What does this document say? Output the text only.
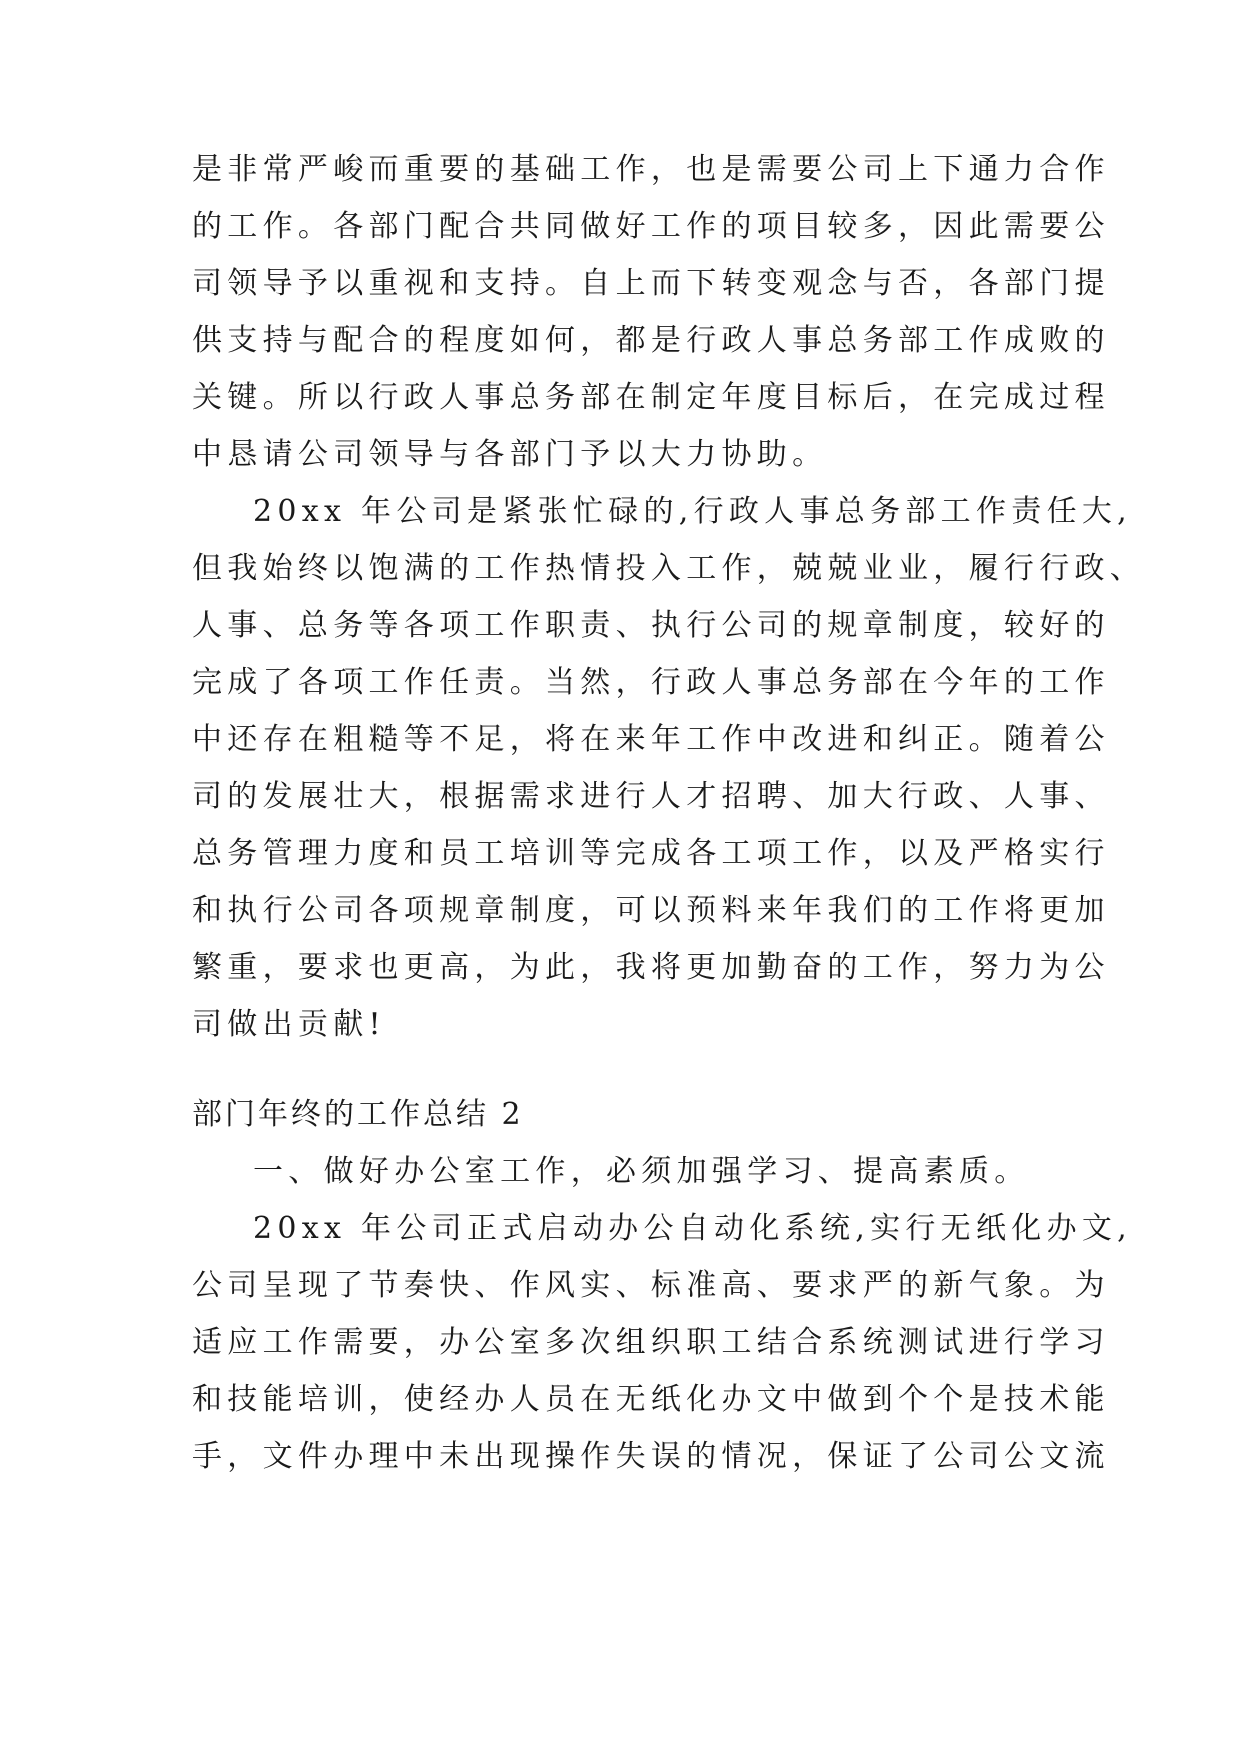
是非常严峻而重要的基础工作，也是需要公司上下通力合作
的工作。各部门配合共同做好工作的项目较多，因此需要公
司领导予以重视和支持。自上而下转变观念与否，各部门提
供支持与配合的程度如何，都是行政人事总务部工作成败的
关键。所以行政人事总务部在制定年度目标后，在完成过程
中恳请公司领导与各部门予以大力协助。
20xx 年公司是紧张忙碌的,行政人事总务部工作责任大,
但我始终以饱满的工作热情投入工作，兢兢业业，履行行政、
人事、总务等各项工作职责、执行公司的规章制度，较好的
完成了各项工作任责。当然，行政人事总务部在今年的工作
中还存在粗糙等不足，将在来年工作中改进和纠正。随着公
司的发展壮大，根据需求进行人才招聘、加大行政、人事、
总务管理力度和员工培训等完成各工项工作，以及严格实行
和执行公司各项规章制度，可以预料来年我们的工作将更加
繁重，要求也更高，为此，我将更加勤奋的工作，努力为公
司做出贡献!
部门年终的工作总结 2
一、做好办公室工作，必须加强学习、提高素质。
20xx 年公司正式启动办公自动化系统,实行无纸化办文,
公司呈现了节奏快、作风实、标准高、要求严的新气象。为
适应工作需要，办公室多次组织职工结合系统测试进行学习
和技能培训，使经办人员在无纸化办文中做到个个是技术能
手，文件办理中未出现操作失误的情况，保证了公司公文流
